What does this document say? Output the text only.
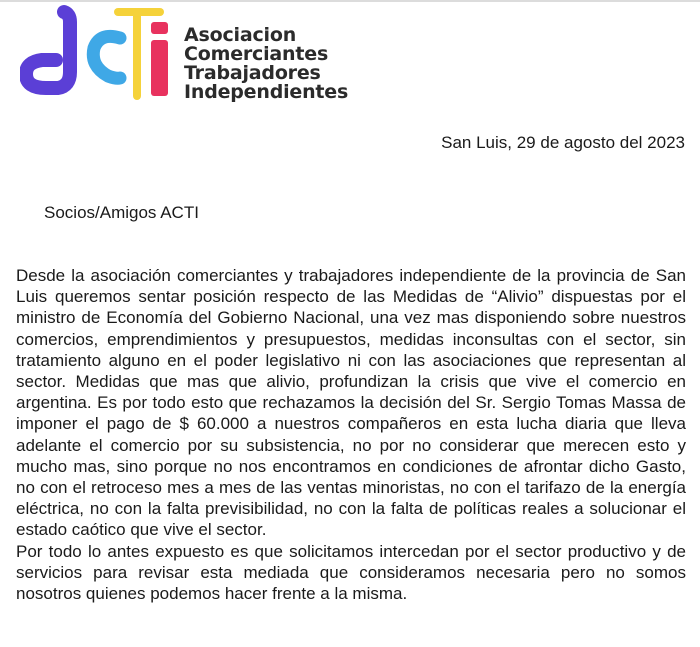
Asociacion
Comerciantes
Trabajadores
Independientes
San Luis, 29 de agosto del 2023
Socios/Amigos ACTI

Desde la asociación comerciantes y trabajadores independiente de la provincia de San Luis queremos sentar posición respecto de las Medidas de “Alivio” dispuestas por el ministro de Economía del Gobierno Nacional, una vez mas disponiendo sobre nuestros comercios, emprendimientos y presupuestos, medidas inconsultas con el sector, sin tratamiento alguno en el poder legislativo ni con las asociaciones que representan al sector. Medidas que mas que alivio, profundizan la crisis que vive el comercio en argentina. Es por todo esto que rechazamos la decisión del Sr. Sergio Tomas Massa de imponer el pago de $ 60.000 a nuestros compañeros en esta lucha diaria que lleva adelante el comercio por su subsistencia, no por no considerar que merecen esto y mucho mas, sino porque no nos encontramos en condiciones de afrontar dicho Gasto, no con el retroceso mes a mes de las ventas minoristas, no con el tarifazo de la energía eléctrica, no con la falta previsibilidad, no con la falta de políticas reales a solucionar el estado caótico que vive el sector.

Por todo lo antes expuesto es que solicitamos intercedan por el sector productivo y de servicios para revisar esta mediada que consideramos necesaria pero no somos nosotros quienes podemos hacer frente a la misma.
